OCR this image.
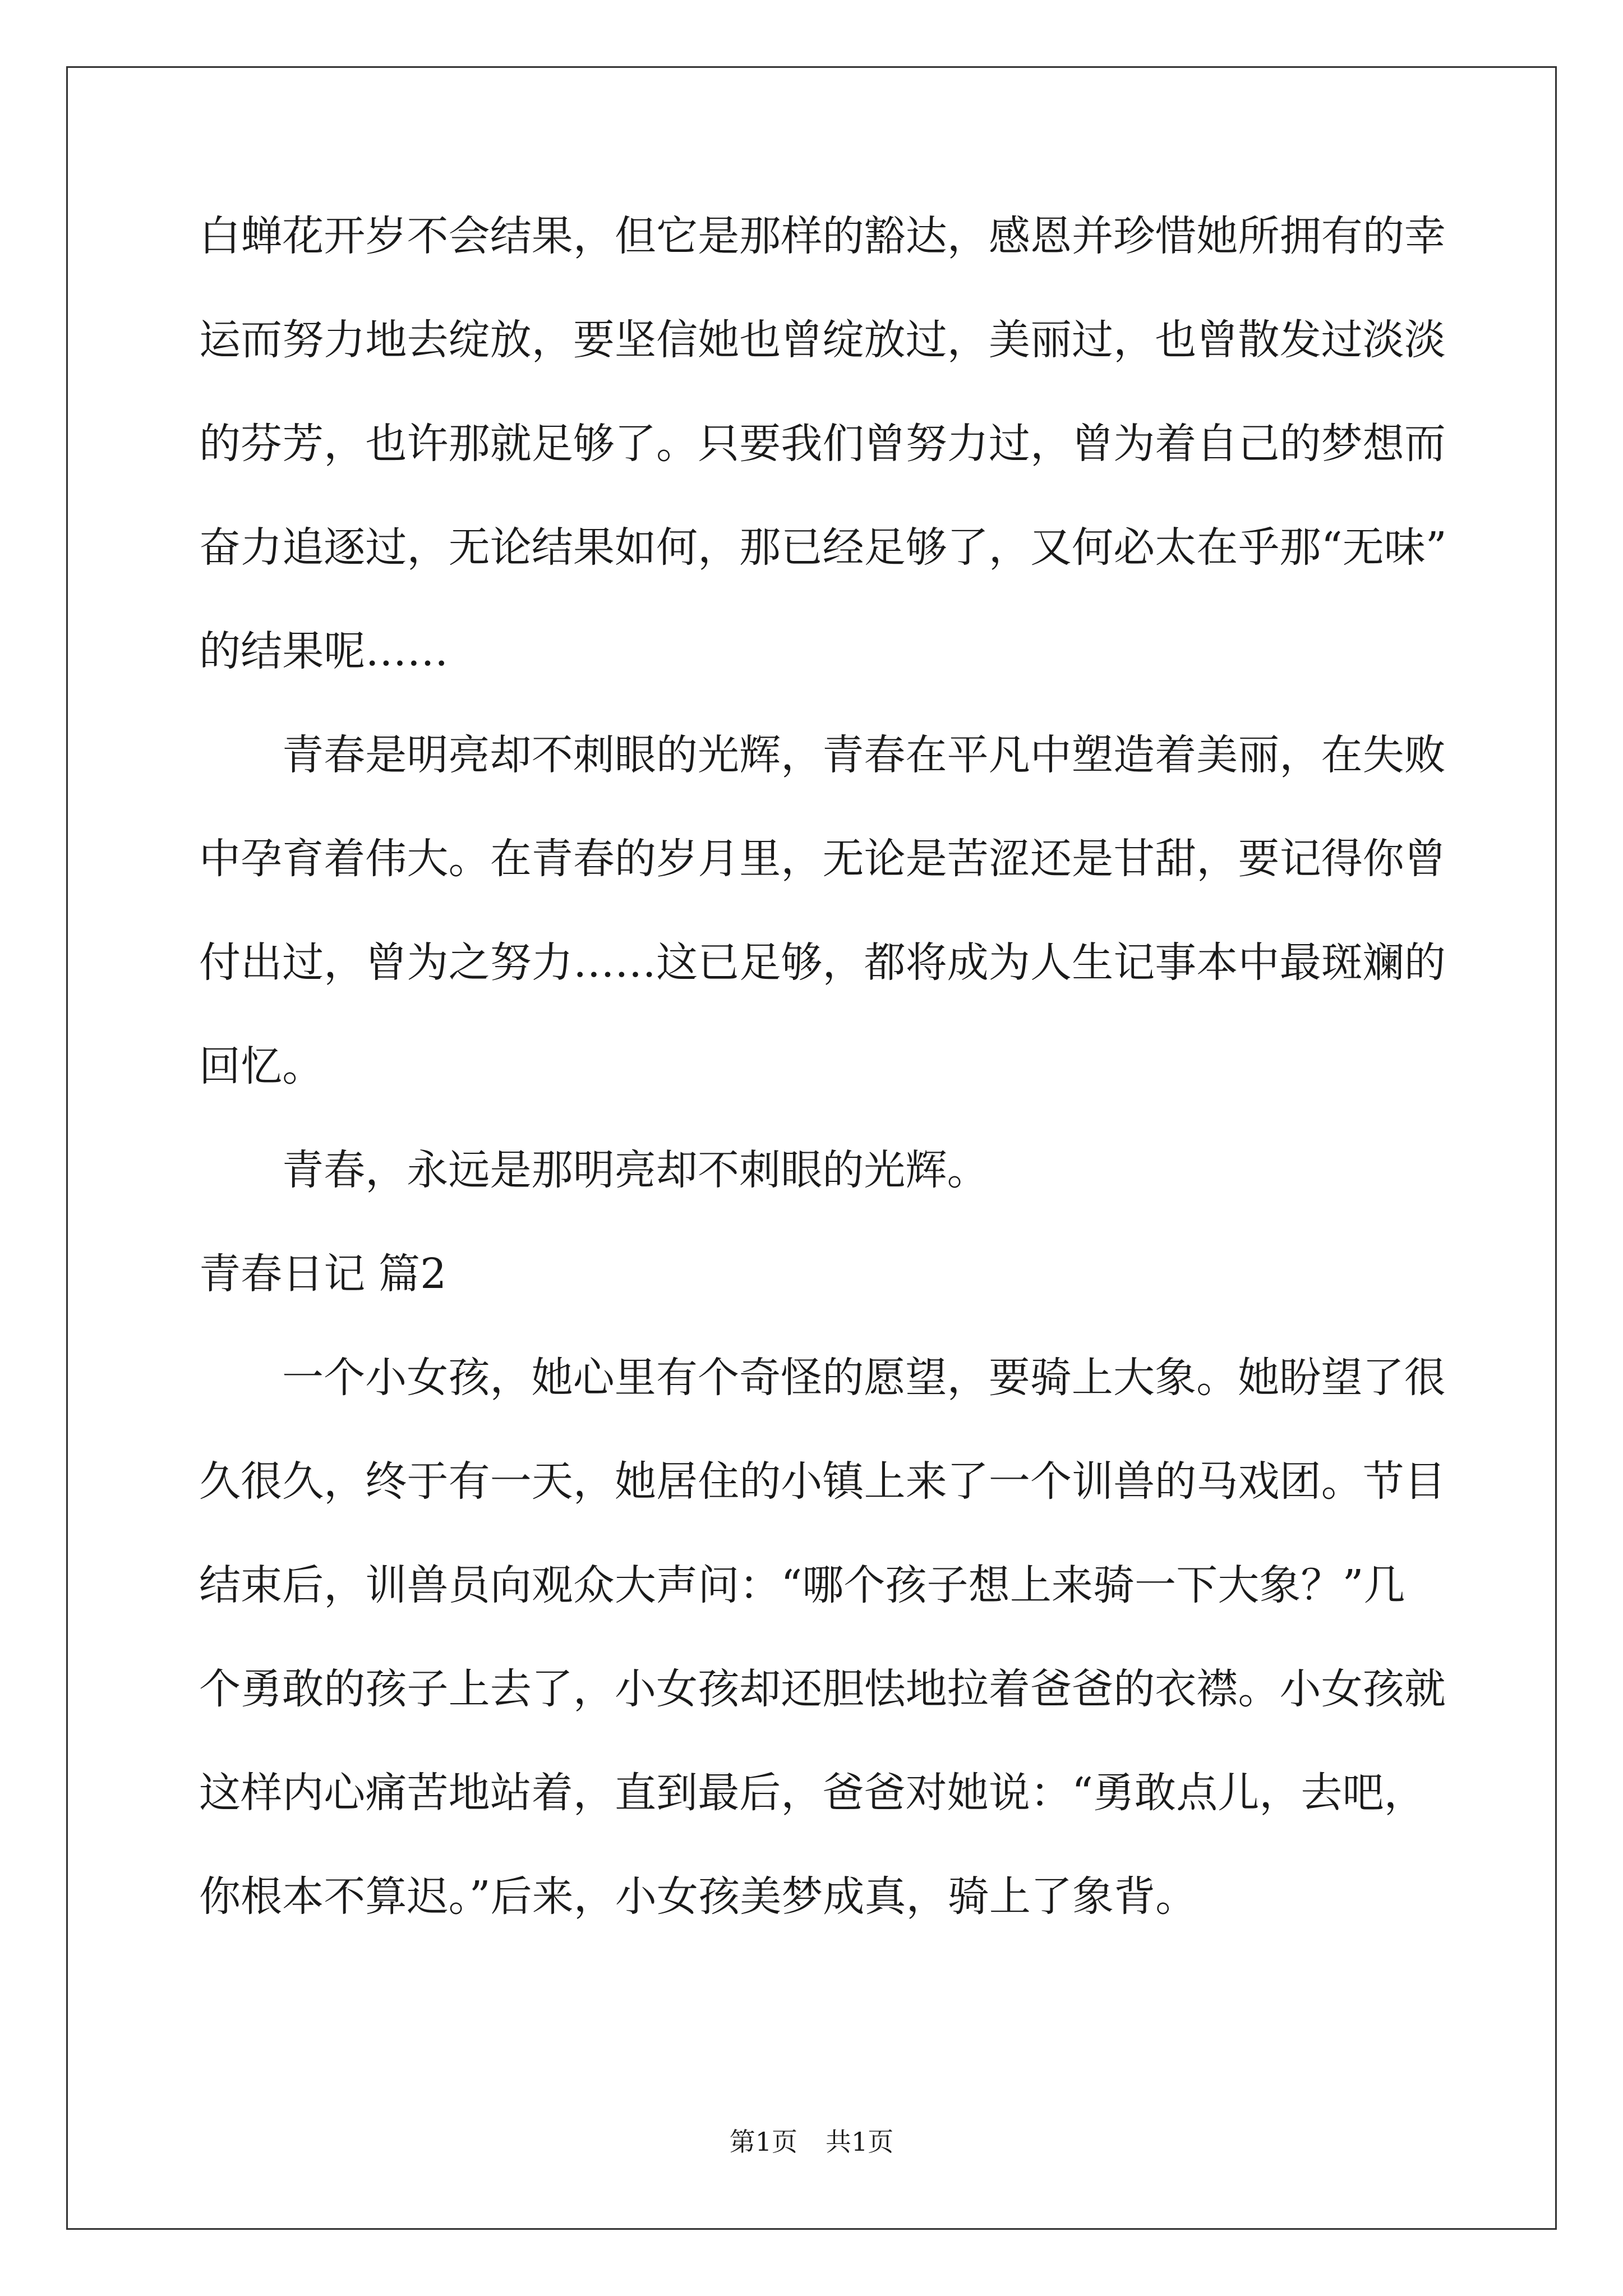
白蝉花开岁不会结果，但它是那样的豁达，感恩并珍惜她所拥有的幸
运而努力地去绽放，要坚信她也曾绽放过，美丽过，也曾散发过淡淡
的芬芳，也许那就足够了。只要我们曾努力过，曾为着自己的梦想而
奋力追逐过，无论结果如何，那已经足够了，又何必太在乎那“无味”
的结果呢……
青春是明亮却不刺眼的光辉，青春在平凡中塑造着美丽，在失败
中孕育着伟大。在青春的岁月里，无论是苦涩还是甘甜，要记得你曾
付出过，曾为之努力……这已足够，都将成为人生记事本中最斑斓的
回忆。
青春，永远是那明亮却不刺眼的光辉。
青春日记 篇2
一个小女孩，她心里有个奇怪的愿望，要骑上大象。她盼望了很
久很久，终于有一天，她居住的小镇上来了一个训兽的马戏团。节目
结束后，训兽员向观众大声问：“哪个孩子想上来骑一下大象？”几
个勇敢的孩子上去了，小女孩却还胆怯地拉着爸爸的衣襟。小女孩就
这样内心痛苦地站着，直到最后，爸爸对她说：“勇敢点儿，去吧，
你根本不算迟。”后来，小女孩美梦成真，骑上了象背。
第1页 共1页
